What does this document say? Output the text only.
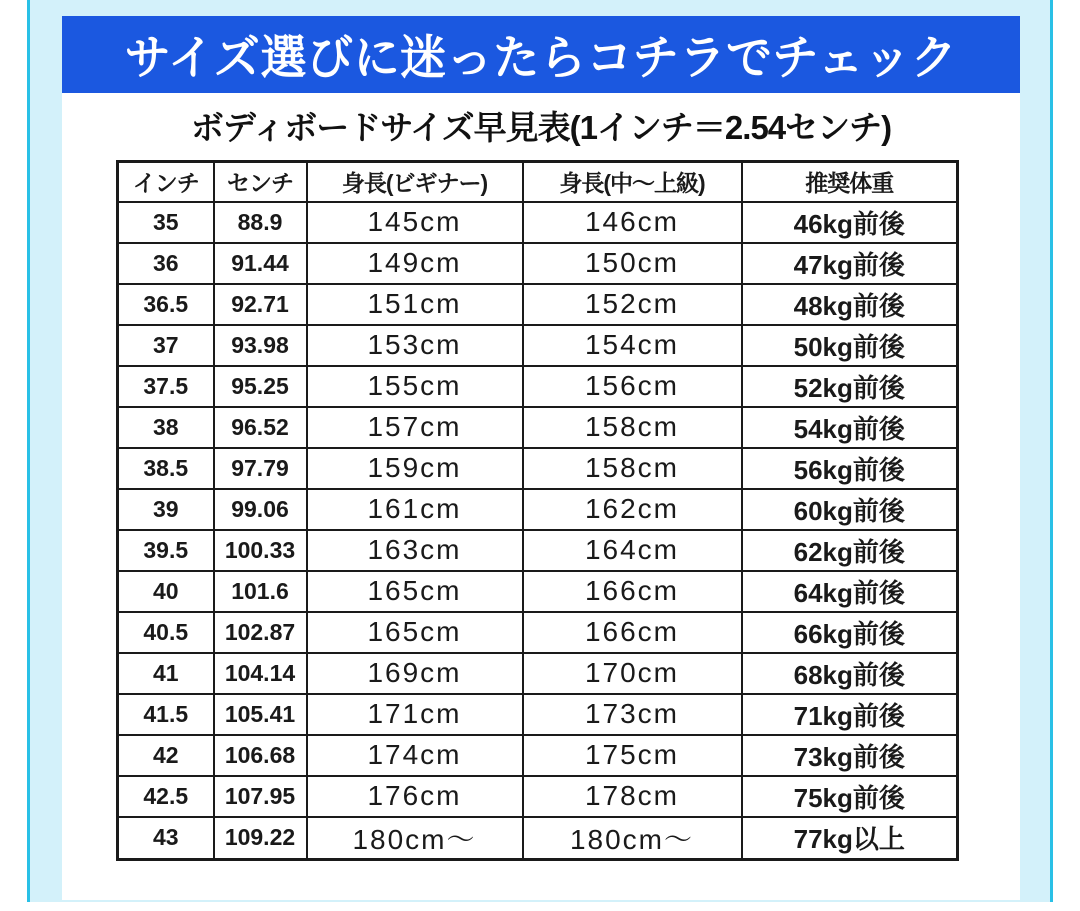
サイズ選びに迷ったらコチラでチェック
ボディボードサイズ早見表(1インチ＝2.54センチ)
インチ	センチ	身長(ビギナー)	身長(中～上級)	推奨体重
35	88.9	145cm	146cm	46kg前後
36	91.44	149cm	150cm	47kg前後
36.5	92.71	151cm	152cm	48kg前後
37	93.98	153cm	154cm	50kg前後
37.5	95.25	155cm	156cm	52kg前後
38	96.52	157cm	158cm	54kg前後
38.5	97.79	159cm	158cm	56kg前後
39	99.06	161cm	162cm	60kg前後
39.5	100.33	163cm	164cm	62kg前後
40	101.6	165cm	166cm	64kg前後
40.5	102.87	165cm	166cm	66kg前後
41	104.14	169cm	170cm	68kg前後
41.5	105.41	171cm	173cm	71kg前後
42	106.68	174cm	175cm	73kg前後
42.5	107.95	176cm	178cm	75kg前後
43	109.22	180cm～	180cm～	77kg以上
